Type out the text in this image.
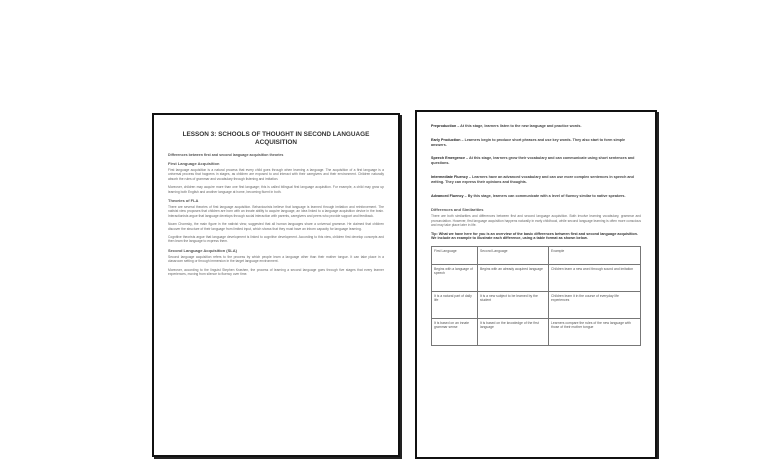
LESSON 3: SCHOOLS OF THOUGHT IN SECOND LANGUAGE ACQUISITION
Differences between first and second language acquisition theories
First Language Acquisition

First language acquisition is a natural process that every child goes through when learning a language. The acquisition of a first language is a universal process that happens in stages, as children are exposed to and interact with their caregivers and their environment. Children naturally absorb the rules of grammar and vocabulary through listening and imitation.

Moreover, children may acquire more than one first language; this is called bilingual first language acquisition. For example, a child may grow up learning both English and another language at home, becoming fluent in both.

Theories of FLA

There are several theories of first language acquisition. Behaviourists believe that language is learned through imitation and reinforcement. The nativist view proposes that children are born with an innate ability to acquire language, an idea linked to a language acquisition device in the brain. Interactionists argue that language develops through social interaction with parents, caregivers and peers who provide support and feedback.

Noam Chomsky, the main figure in the nativist view, suggested that all human languages share a universal grammar. He claimed that children discover the structure of their language from limited input, which shows that they must have an inborn capacity for language learning.

Cognitive theorists argue that language development is linked to cognitive development. According to this view, children first develop concepts and then learn the language to express them.

Second Language Acquisition (SLA)

Second language acquisition refers to the process by which people learn a language other than their mother tongue. It can take place in a classroom setting or through immersion in the target language environment.

Moreover, according to the linguist Stephen Krashen, the process of learning a second language goes through five stages that every learner experiences, moving from silence to fluency over time.

Preproduction – At this stage, learners listen to the new language and practice words.

Early Production – Learners begin to produce short phrases and use key words. They also start to form simple answers.

Speech Emergence – At this stage, learners grow their vocabulary and can communicate using short sentences and questions.

Intermediate Fluency – Learners have an advanced vocabulary and can use more complex sentences in speech and writing. They can express their opinions and thoughts.

Advanced Fluency – By this stage, learners can communicate with a level of fluency similar to native speakers.

Differences and Similarities

There are both similarities and differences between first and second language acquisition. Both involve learning vocabulary, grammar and pronunciation. However, first language acquisition happens naturally in early childhood, while second language learning is often more conscious and may take place later in life.

Tip: What we have here for you is an overview of the basic differences between first and second language acquisition. We include an example to illustrate each difference, using a table format as shown below.

First Language	Second Language	Example
Begins with a language of speech	Begins with an already acquired language	Children learn a new word through sound and imitation
It is a natural part of daily life	It is a new subject to be learned by the student	Children learn it in the course of everyday life experiences
It is based on an innate grammar sense	It is based on the knowledge of the first language	Learners compare the rules of the new language with those of their mother tongue
